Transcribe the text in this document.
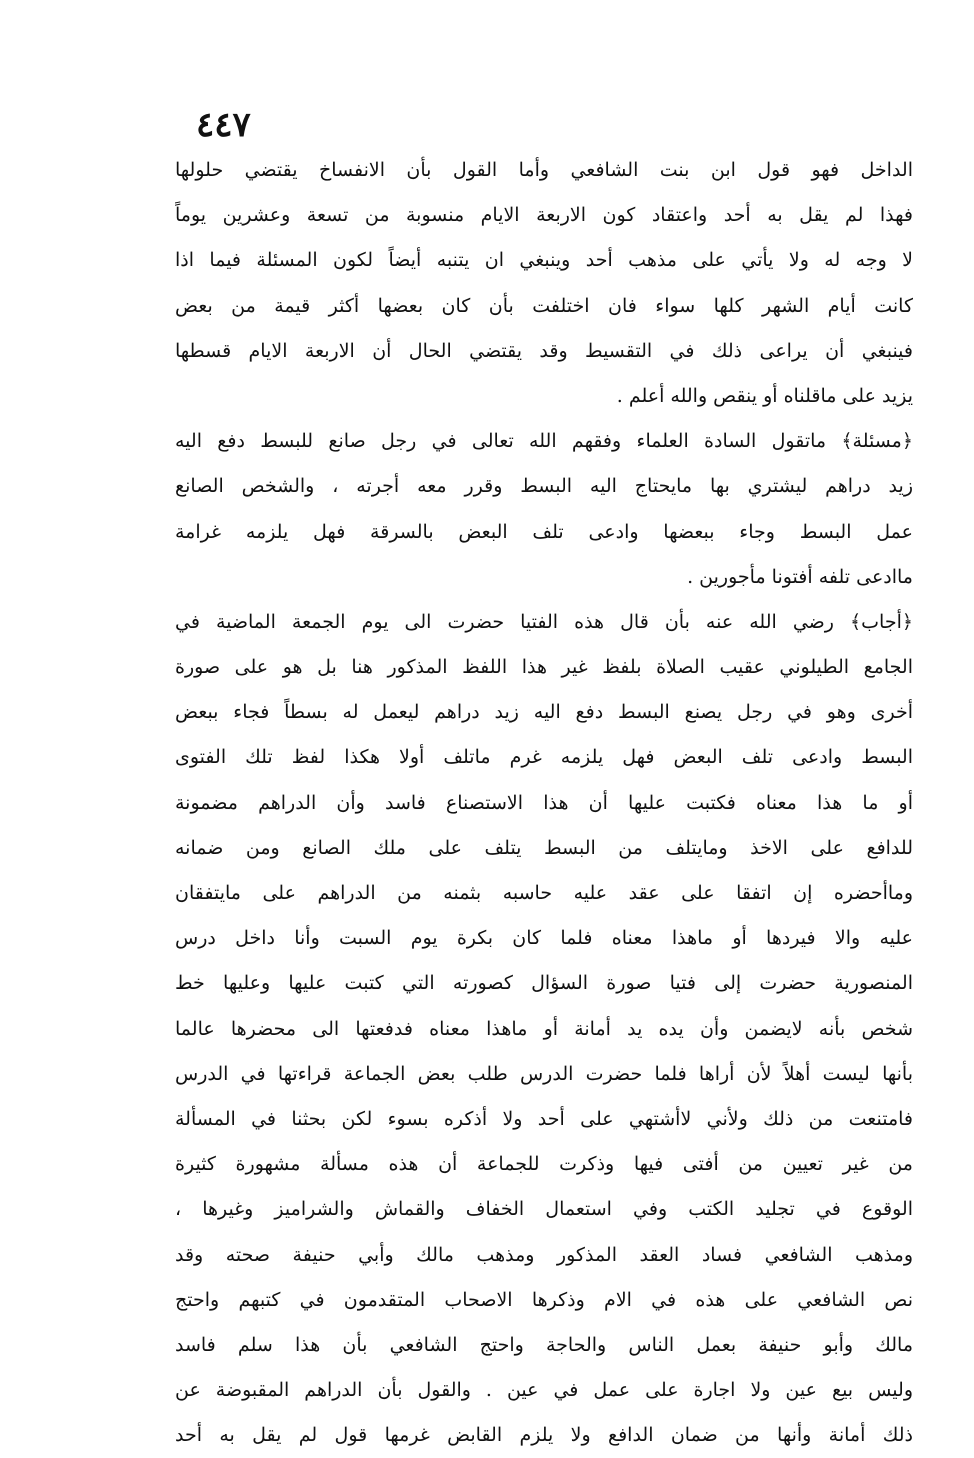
٤٤٧
الداخل فهو قول ابن بنت الشافعي وأما القول بأن الانفساخ يقتضي حلولها
فهذا لم يقل به أحد واعتقاد كون الاربعة الايام منسوبة من تسعة وعشرين يوماً
لا وجه له ولا يأتي على مذهب أحد وينبغي ان يتنبه أيضاً لكون المسئلة فيما اذا
كانت أيام الشهر كلها سواء فان اختلفت بأن كان بعضها أكثر قيمة من بعض
فينبغي أن يراعى ذلك في التقسيط وقد يقتضي الحال أن الاربعة الايام قسطها
يزيد على ماقلناه أو ينقص والله أعلم .
﴿مسئلة﴾ ماتقول السادة العلماء وفقهم الله تعالى في رجل صانع للبسط دفع اليه
زيد دراهم ليشتري بها مايحتاج اليه البسط وقرر معه أجرته ، والشخص الصانع
عمل البسط وجاء ببعضها وادعى تلف البعض بالسرقة فهل يلزمه غرامة
ماادعى تلفه أفتونا مأجورين .
﴿أجاب﴾ رضي الله عنه بأن قال هذه الفتيا حضرت الى يوم الجمعة الماضية في
الجامع الطيلوني عقيب الصلاة بلفظ غير هذا اللفظ المذكور هنا بل هو على صورة
أخرى وهو في رجل يصنع البسط دفع اليه زيد دراهم ليعمل له بسطاً فجاء ببعض
البسط وادعى تلف البعض فهل يلزمه غرم ماتلف أولا هكذا لفظ تلك الفتوى
أو ما هذا معناه فكتبت عليها أن هذا الاستصناع فاسد وأن الدراهم مضمونة
للدافع على الاخذ ومايتلف من البسط يتلف على ملك الصانع ومن ضمانه
وماأحضره إن اتفقا على عقد عليه حاسبه بثمنه من الدراهم على مايتفقان
عليه والا فيردها أو ماهذا معناه فلما كان بكرة يوم السبت وأنا داخل درس
المنصورية حضرت إلى فتيا صورة السؤال كصورته التي كتبت عليها وعليها خط
شخص بأنه لايضمن وأن يده يد أمانة أو ماهذا معناه فدفعتها الى محضرها عالما
بأنها ليست أهلاً لأن أراها فلما حضرت الدرس طلب بعض الجماعة قراءتها في الدرس
فامتنعت من ذلك ولأني لاأشتهي على أحد ولا أذكره بسوء لكن بحثنا في المسألة
من غير تعيين من أفتى فيها وذكرت للجماعة أن هذه مسألة مشهورة كثيرة
الوقوع في تجليد الكتب وفي استعمال الخفاف والقماش والشراميز وغيرها ،
ومذهب الشافعي فساد العقد المذكور ومذهب مالك وأبي حنيفة صحته وقد
نص الشافعي على هذه في الام وذكرها الاصحاب المتقدمون في كتبهم واحتج
مالك وأبو حنيفة بعمل الناس والحاجة واحتج الشافعي بأن هذا سلم فاسد
وليس بيع عين ولا اجارة على عمل في عين . والقول بأن الدراهم المقبوضة عن
ذلك أمانة وأنها من ضمان الدافع ولا يلزم القابض غرمها قول لم يقل به أحد
